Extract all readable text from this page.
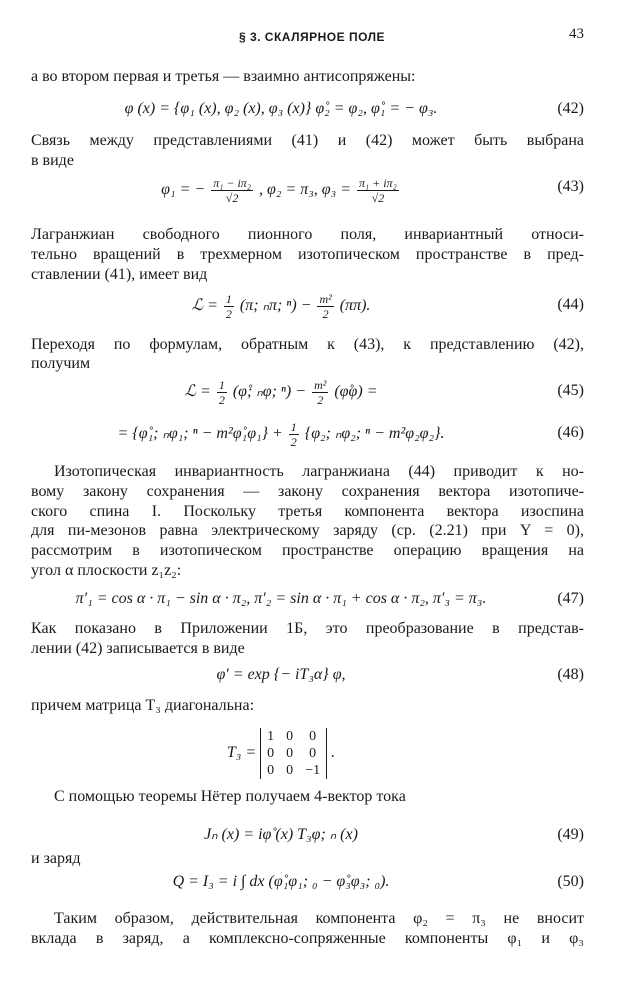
§ 3. СКАЛЯРНОЕ ПОЛЕ	43
а во втором первая и третья — взаимно антисопряжены:
φ (x) = {φ₁ (x), φ₂ (x), φ₃ (x)} φ̊₂ = φ₂, φ̊₁ = − φ₃.	(42)
Связь между представлениями (41) и (42) может быть выбрана
в виде
φ₁ = − $\frac{\text{π₁ − iπ₂}}{√2}$ , φ₂ = π₃, $\varphi_3 = \frac{\text{π₁ + iπ₂}}{√2}$	(43)
Лагранжиан свободного пионного поля, инвариантный относи-
тельно вращений в трехмерном изотопическом пространстве в пред-
ставлении (41), имеет вид
ℒ = $\frac{1}{2} (\pi$; ₙπ; $^n) - \frac{\text{m²}}{2} (\pi\pi)$.	(44)
Переходя по формулам, обратным к (43), к представлению (42),
получим
ℒ = $\frac{1}{2}$ (φ̊; ₙφ; $^n) - \frac{\text{m²}}{2}$ (φ̊φ) =	(45)
= {φ̊₁; ₙφ₁; ⁿ − m²φ̊₁φ₁} + $\frac{1}{2} \{\varphi_2$; ₙφ₂; ⁿ − m²φ₂φ₂}.	(46)
Изотопическая инвариантность лагранжиана (44) приводит к но-
вому закону сохранения — закону сохранения вектора изотопиче-
ского спина I. Поскольку третья компонента вектора изоспина
для пи-мезонов равна электрическому заряду (ср. (2.21) при Y = 0),
рассмотрим в изотопическом пространстве операцию вращения на
угол α плоскости z₁z₂:
π′₁ = cos α · π₁ − sin α · π₂, π′₂ = sin α · π₁ + cos α · π₂, π′₃ = π₃.	(47)
Как показано в Приложении 1Б, это преобразование в представ-
лении (42) записывается в виде
φ′ = exp {− iT₃α} φ,	(48)
причем матрица T₃ диагональна:
T₃ =
1	0	0
0	0	0
0	0	−1
.
С помощью теоремы Нётер получаем 4-вектор тока
Jₙ (x) = iφ̊ (x) T₃φ; ₙ (x)	(49)
и заряд
Q = I₃ = i ∫ dx (φ̊₁φ₁; ₀ − φ̊₃φ₃; ₀).	(50)
Таким образом, действительная компонента φ₂ = π₃ не вносит
вклада в заряд, а комплексно-сопряженные компоненты φ₁ и φ₃
